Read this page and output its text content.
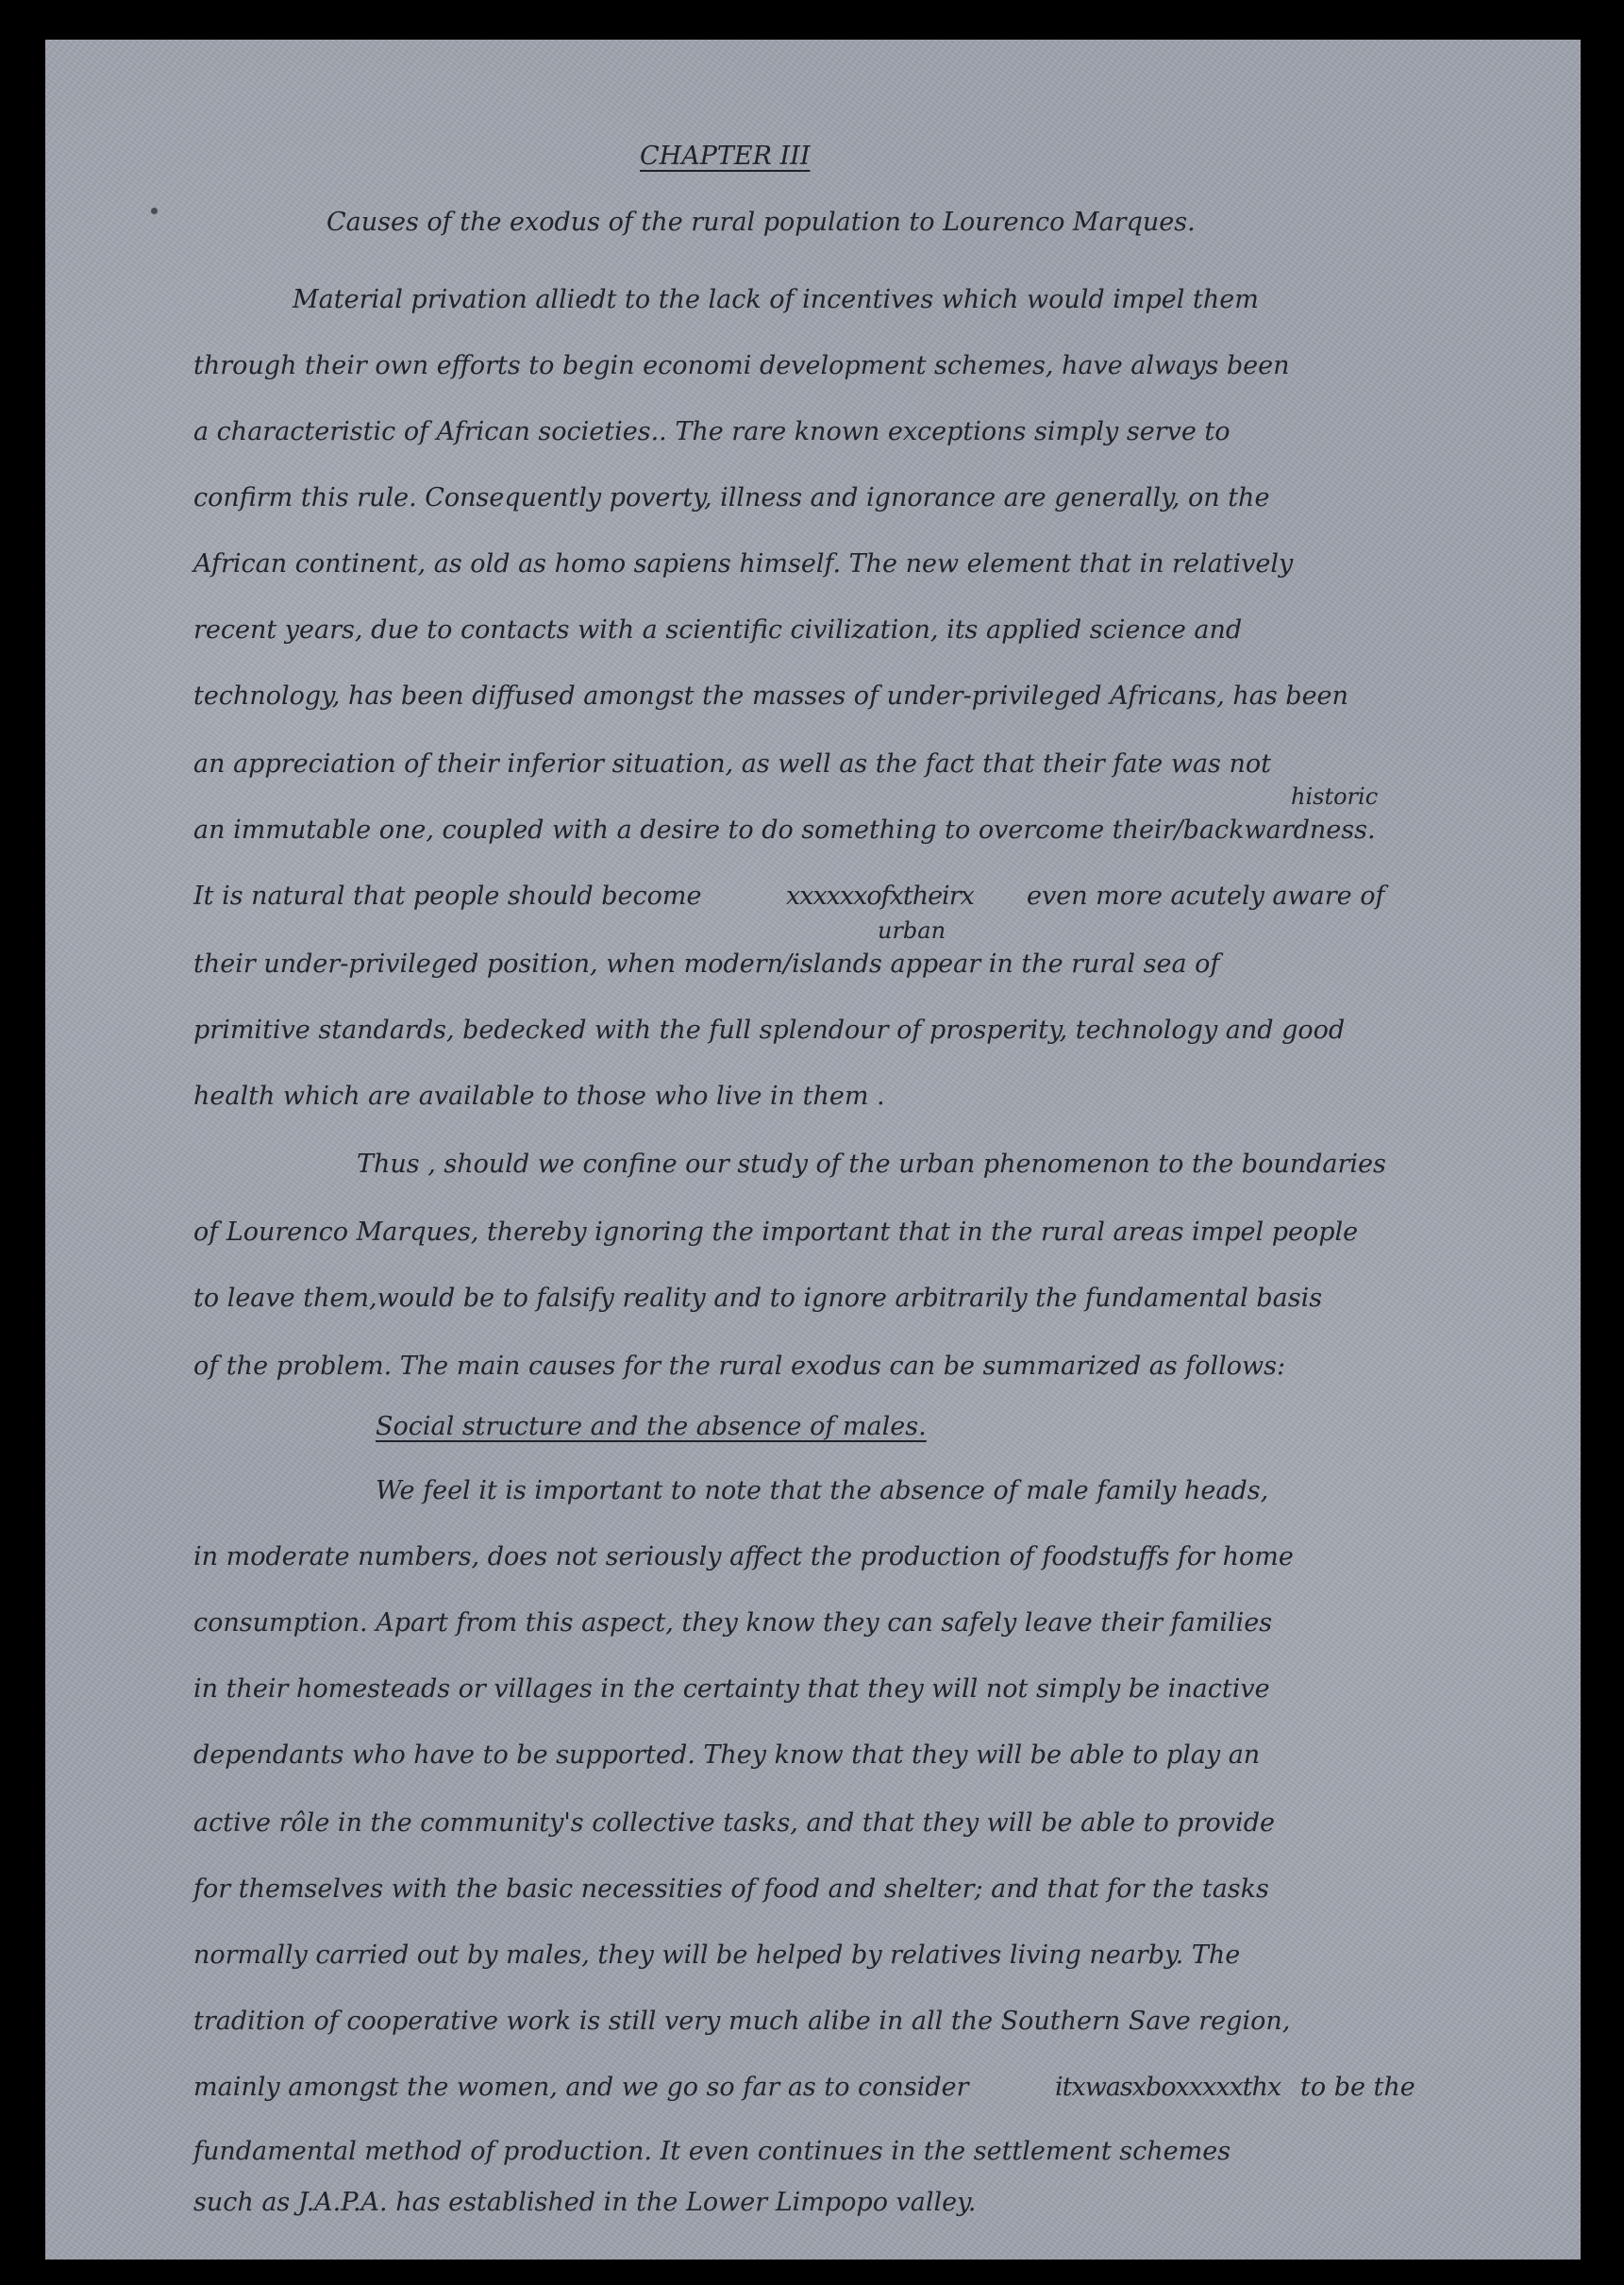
CHAPTER III

Causes of the exodus of the rural population to Lourenco Marques.

Material privation alliedt to the lack of incentives which would impel them

through their own efforts to begin economi development schemes, have always been

a characteristic of African societies.. The rare known exceptions simply serve to

confirm this rule. Consequently poverty, illness and ignorance are generally, on the

African continent, as old as homo sapiens himself. The new element that in relatively

recent years, due to contacts with a scientific civilization, its applied science and

technology, has been diffused amongst the masses of under-privileged Africans, has been

an appreciation of their inferior situation, as well as the fact that their fate was not

historic

an immutable one, coupled with a desire to do something to overcome their/backwardness.

It is natural that people should become	xxxxxxofxtheirx even more acutely aware of

urban

their under-privileged position, when modern/islands appear in the rural sea of

primitive standards, bedecked with the full splendour of prosperity, technology and good

health which are available to those who live in them .

Thus , should we confine our study of the urban phenomenon to the boundaries

of Lourenco Marques, thereby ignoring the important that in the rural areas impel people

to leave them,would be to falsify reality and to ignore arbitrarily the fundamental basis

of the problem. The main causes for the rural exodus can be summarized as follows:

Social structure and the absence of males.

We feel it is important to note that the absence of male family heads,

in moderate numbers, does not seriously affect the production of foodstuffs for home

consumption. Apart from this aspect, they know they can safely leave their families

in their homesteads or villages in the certainty that they will not simply be inactive

dependants who have to be supported. They know that they will be able to play an

active rôle in the community's collective tasks, and that they will be able to provide

for themselves with the basic necessities of food and shelter; and that for the tasks

normally carried out by males, they will be helped by relatives living nearby. The

tradition of cooperative work is still very much alibe in all the Southern Save region,

mainly amongst the women, and we go so far as to consider	itxwasxboxxxxxthx to be the

fundamental method of production. It even continues in the settlement schemes

such as J.A.P.A. has established in the Lower Limpopo valley.
